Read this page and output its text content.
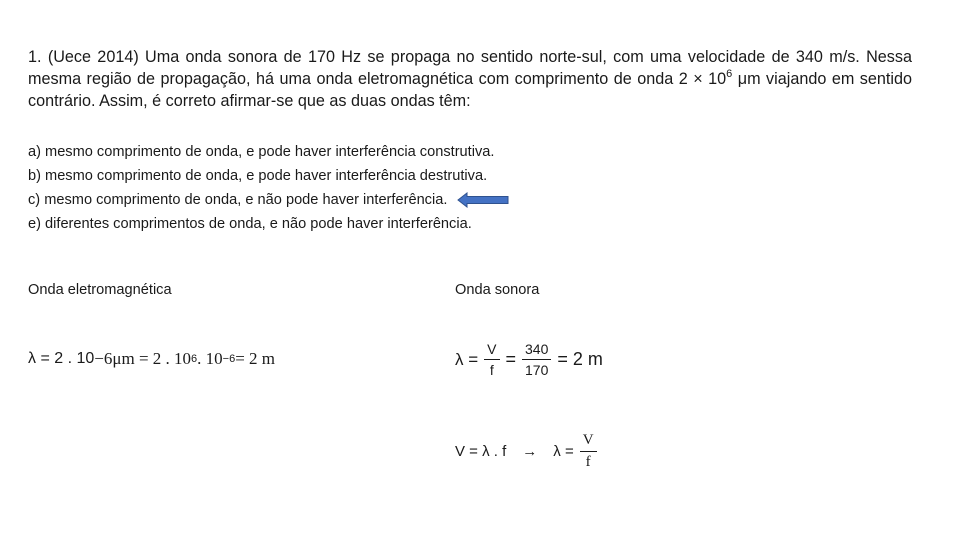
1. (Uece 2014) Uma onda sonora de 170 Hz se propaga no sentido norte-sul, com uma velocidade de 340 m/s. Nessa mesma região de propagação, há uma onda eletromagnética com comprimento de onda $2 \times 10^6$ μm viajando em sentido contrário. Assim, é correto afirmar-se que as duas ondas têm:
a) mesmo comprimento de onda, e pode haver interferência construtiva.
b) mesmo comprimento de onda, e pode haver interferência destrutiva.
c) mesmo comprimento de onda, e não pode haver interferência.
e) diferentes comprimentos de onda, e não pode haver interferência.
Onda eletromagnética	Onda sonora
λ = 2 . 10 −6 μm = 2 . 10 6 . 10 −6 = 2 m	$\lambda = \frac{V}{f} = \frac{340}{170} = 2$ m
V = λ . $f \to \lambda = \frac{V}{f}$
